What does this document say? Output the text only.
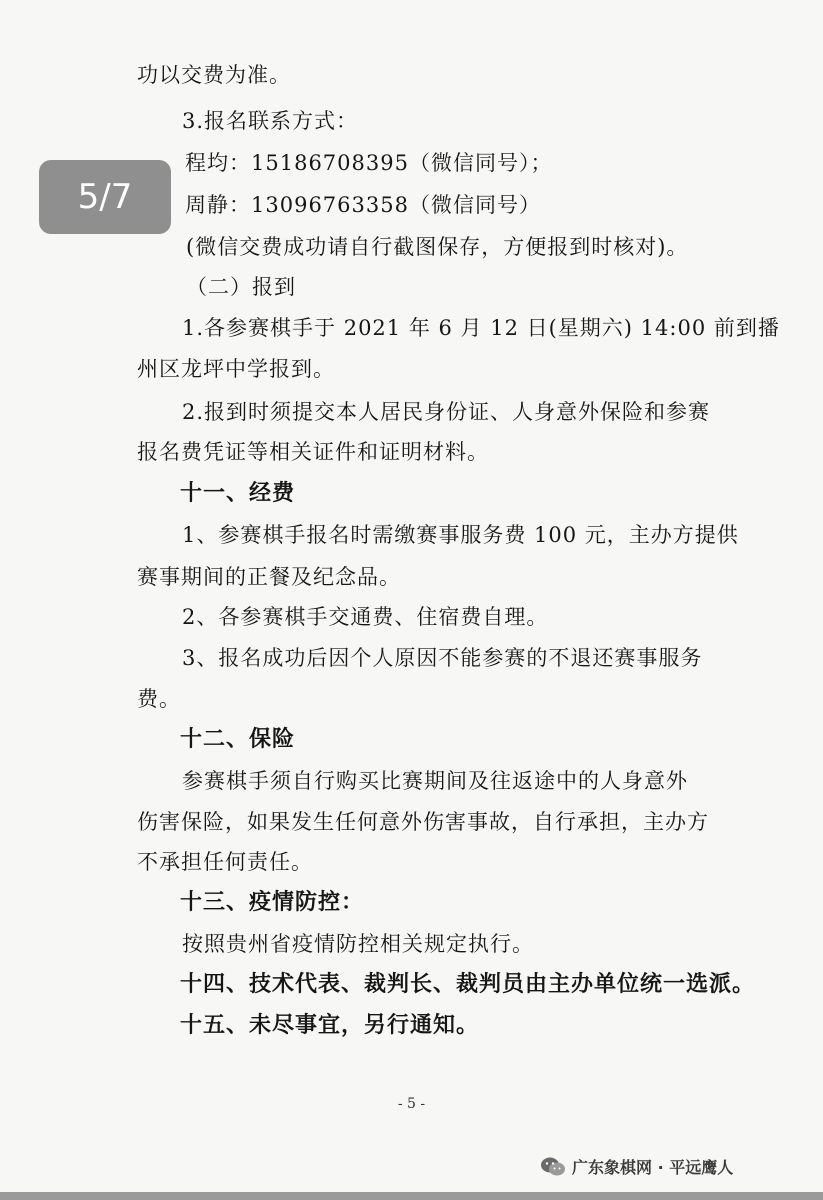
功以交费为准。
3.报名联系方式：
程均：15186708395（微信同号）；
周静：13096763358（微信同号）
(微信交费成功请自行截图保存，方便报到时核对)。
（二）报到
1.各参赛棋手于 2021 年 6 月 12 日(星期六) 14:00 前到播
州区龙坪中学报到。
2.报到时须提交本人居民身份证、人身意外保险和参赛
报名费凭证等相关证件和证明材料。
十一、经费
1、参赛棋手报名时需缴赛事服务费 100 元，主办方提供
赛事期间的正餐及纪念品。
2、各参赛棋手交通费、住宿费自理。
3、报名成功后因个人原因不能参赛的不退还赛事服务
费。
十二、保险
参赛棋手须自行购买比赛期间及往返途中的人身意外
伤害保险，如果发生任何意外伤害事故，自行承担，主办方
不承担任何责任。
十三、疫情防控：
按照贵州省疫情防控相关规定执行。
十四、技术代表、裁判长、裁判员由主办单位统一选派。
十五、未尽事宜，另行通知。
- 5 -
5/7
广东象棋网 · 平远鹰人
